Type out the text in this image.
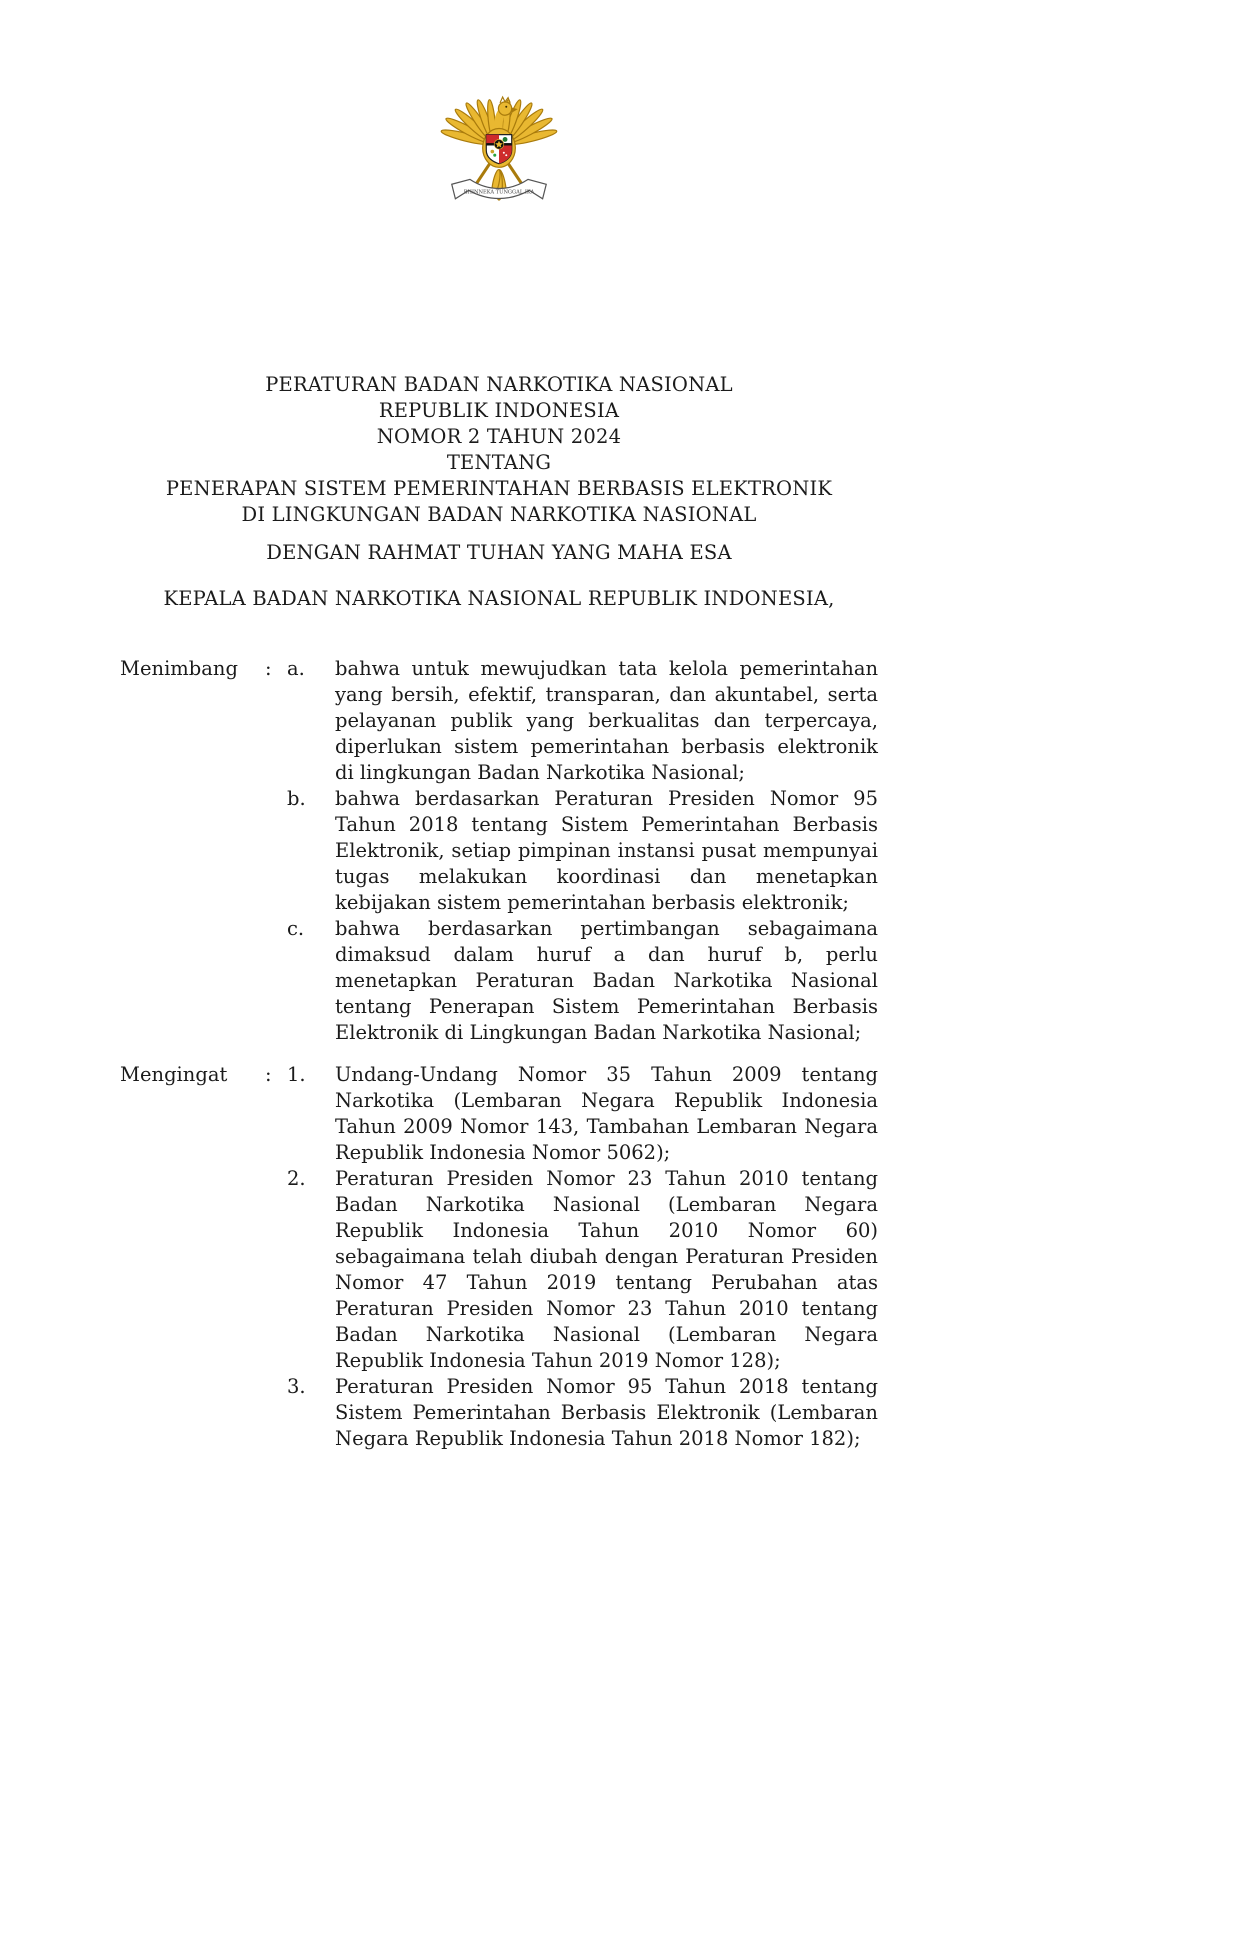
BHINNEKA TUNGGAL IKA
PERATURAN BADAN NARKOTIKA NASIONAL
REPUBLIK INDONESIA
NOMOR 2 TAHUN 2024
TENTANG
PENERAPAN SISTEM PEMERINTAHAN BERBASIS ELEKTRONIK
DI LINGKUNGAN BADAN NARKOTIKA NASIONAL
DENGAN RAHMAT TUHAN YANG MAHA ESA
KEPALA BADAN NARKOTIKA NASIONAL REPUBLIK INDONESIA,
Menimbang	: a.	bahwa untuk mewujudkan tata kelola pemerintahan yang bersih, efektif, transparan, dan akuntabel, serta pelayanan publik yang berkualitas dan terpercaya, diperlukan sistem pemerintahan berbasis elektronik di lingkungan Badan Narkotika Nasional;
b.	bahwa berdasarkan Peraturan Presiden Nomor 95 Tahun 2018 tentang Sistem Pemerintahan Berbasis Elektronik, setiap pimpinan instansi pusat mempunyai tugas melakukan koordinasi dan menetapkan kebijakan sistem pemerintahan berbasis elektronik;
c.	bahwa berdasarkan pertimbangan sebagaimana dimaksud dalam huruf a dan huruf b, perlu menetapkan Peraturan Badan Narkotika Nasional tentang Penerapan Sistem Pemerintahan Berbasis Elektronik di Lingkungan Badan Narkotika Nasional;
Mengingat	: 1.	Undang-Undang Nomor 35 Tahun 2009 tentang Narkotika (Lembaran Negara Republik Indonesia Tahun 2009 Nomor 143, Tambahan Lembaran Negara Republik Indonesia Nomor 5062);
2.	Peraturan Presiden Nomor 23 Tahun 2010 tentang Badan Narkotika Nasional (Lembaran Negara Republik Indonesia Tahun 2010 Nomor 60) sebagaimana telah diubah dengan Peraturan Presiden Nomor 47 Tahun 2019 tentang Perubahan atas Peraturan Presiden Nomor 23 Tahun 2010 tentang Badan Narkotika Nasional (Lembaran Negara Republik Indonesia Tahun 2019 Nomor 128);
3.	Peraturan Presiden Nomor 95 Tahun 2018 tentang Sistem Pemerintahan Berbasis Elektronik (Lembaran Negara Republik Indonesia Tahun 2018 Nomor 182);
